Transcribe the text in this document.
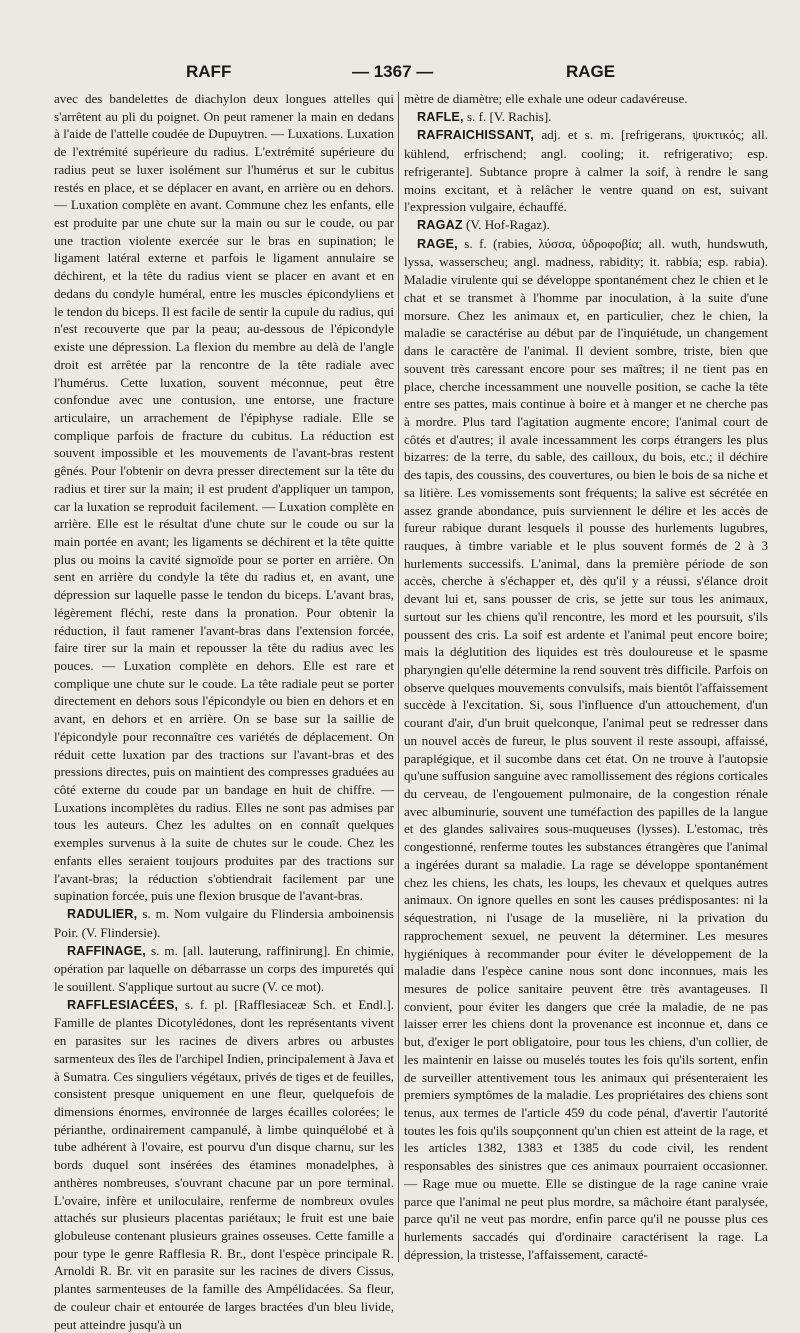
RAFF	— 1367 —	RAGE

avec des bandelettes de diachylon deux longues attelles qui s'arrêtent au pli du poignet. On peut ramener la main en dedans à l'aide de l'attelle coudée de Dupuytren. — Luxations. Luxation de l'extrémité supérieure du radius. L'extrémité supérieure du radius peut se luxer isolément sur l'humérus et sur le cubitus restés en place, et se déplacer en avant, en arrière ou en dehors. — Luxation complète en avant. Commune chez les enfants, elle est produite par une chute sur la main ou sur le coude, ou par une traction violente exercée sur le bras en supination; le ligament latéral externe et parfois le ligament annulaire se déchirent, et la tête du radius vient se placer en avant et en dedans du condyle huméral, entre les muscles épicondyliens et le tendon du biceps. Il est facile de sentir la cupule du radius, qui n'est recouverte que par la peau; au-dessous de l'épicondyle existe une dépression. La flexion du membre au delà de l'angle droit est arrêtée par la rencontre de la tête radiale avec l'humérus. Cette luxation, souvent méconnue, peut être confondue avec une contusion, une entorse, une fracture articulaire, un arrachement de l'épiphyse radiale. Elle se complique parfois de fracture du cubitus. La réduction est souvent impossible et les mouvements de l'avant-bras restent gênés. Pour l'obtenir on devra presser directement sur la tête du radius et tirer sur la main; il est prudent d'appliquer un tampon, car la luxation se reproduit facilement. — Luxation complète en arrière. Elle est le résultat d'une chute sur le coude ou sur la main portée en avant; les ligaments se déchirent et la tête quitte plus ou moins la cavité sigmoïde pour se porter en arrière. On sent en arrière du condyle la tête du radius et, en avant, une dépression sur laquelle passe le tendon du biceps. L'avant bras, légèrement fléchi, reste dans la pronation. Pour obtenir la réduction, il faut ramener l'avant-bras dans l'extension forcée, faire tirer sur la main et repousser la tête du radius avec les pouces. — Luxation complète en dehors. Elle est rare et complique une chute sur le coude. La tête radiale peut se porter directement en dehors sous l'épicondyle ou bien en dehors et en avant, en dehors et en arrière. On se base sur la saillie de l'épicondyle pour reconnaître ces variétés de déplacement. On réduit cette luxation par des tractions sur l'avant-bras et des pressions directes, puis on maintient des compresses graduées au côté externe du coude par un bandage en huit de chiffre. — Luxations incomplètes du radius. Elles ne sont pas admises par tous les auteurs. Chez les adultes on en connaît quelques exemples survenus à la suite de chutes sur le coude. Chez les enfants elles seraient toujours produites par des tractions sur l'avant-bras; la réduction s'obtiendrait facilement par une supination forcée, puis une flexion brusque de l'avant-bras.

RADULIER, s. m. Nom vulgaire du Flindersia amboinensis Poir. (V. Flindersie).

RAFFINAGE, s. m. [all. lauterung, raffinirung]. En chimie, opération par laquelle on débarrasse un corps des impuretés qui le souillent. S'applique surtout au sucre (V. ce mot).

RAFFLESIACÉES, s. f. pl. [Rafflesiaceæ Sch. et Endl.]. Famille de plantes Dicotylédones, dont les représentants vivent en parasites sur les racines de divers arbres ou arbustes sarmenteux des îles de l'archipel Indien, principalement à Java et à Sumatra. Ces singuliers végétaux, privés de tiges et de feuilles, consistent presque uniquement en une fleur, quelquefois de dimensions énormes, environnée de larges écailles colorées; le périanthe, ordinairement campanulé, à limbe quinquélobé et à tube adhérent à l'ovaire, est pourvu d'un disque charnu, sur les bords duquel sont insérées des étamines monadelphes, à anthères nombreuses, s'ouvrant chacune par un pore terminal. L'ovaire, infère et uniloculaire, renferme de nombreux ovules attachés sur plusieurs placentas pariétaux; le fruit est une baie globuleuse contenant plusieurs graines osseuses. Cette famille a pour type le genre Rafflesia R. Br., dont l'espèce principale R. Arnoldi R. Br. vit en parasite sur les racines de divers Cissus, plantes sarmenteuses de la famille des Ampélidacées. Sa fleur, de couleur chair et entourée de larges bractées d'un bleu livide, peut atteindre jusqu'à un

mètre de diamètre; elle exhale une odeur cadavéreuse.

RAFLE, s. f. [V. Rachis].

RAFRAICHISSANT, adj. et s. m. [refrigerans, ψυκτικός; all. kühlend, erfrischend; angl. cooling; it. refrigerativo; esp. refrigerante]. Subtance propre à calmer la soif, à rendre le sang moins excitant, et à relâcher le ventre quand on est, suivant l'expression vulgaire, échauffé.

RAGAZ (V. Hof-Ragaz).

RAGE, s. f. (rabies, λύσσα, ὑδροφοβία; all. wuth, hundswuth, lyssa, wasserscheu; angl. madness, rabidity; it. rabbia; esp. rabia). Maladie virulente qui se développe spontanément chez le chien et le chat et se transmet à l'homme par inoculation, à la suite d'une morsure. Chez les animaux et, en particulier, chez le chien, la maladie se caractérise au début par de l'inquiétude, un changement dans le caractère de l'animal. Il devient sombre, triste, bien que souvent très caressant encore pour ses maîtres; il ne tient pas en place, cherche incessamment une nouvelle position, se cache la tête entre ses pattes, mais continue à boire et à manger et ne cherche pas à mordre. Plus tard l'agitation augmente encore; l'animal court de côtés et d'autres; il avale incessamment les corps étrangers les plus bizarres: de la terre, du sable, des cailloux, du bois, etc.; il déchire des tapis, des coussins, des couvertures, ou bien le bois de sa niche et sa litière. Les vomissements sont fréquents; la salive est sécrétée en assez grande abondance, puis surviennent le délire et les accès de fureur rabique durant lesquels il pousse des hurlements lugubres, rauques, à timbre variable et le plus souvent formés de 2 à 3 hurlements successifs. L'animal, dans la première période de son accès, cherche à s'échapper et, dès qu'il y a réussi, s'élance droit devant lui et, sans pousser de cris, se jette sur tous les animaux, surtout sur les chiens qu'il rencontre, les mord et les poursuit, s'ils poussent des cris. La soif est ardente et l'animal peut encore boire; mais la déglutition des liquides est très douloureuse et le spasme pharyngien qu'elle détermine la rend souvent très difficile. Parfois on observe quelques mouvements convulsifs, mais bientôt l'affaissement succède à l'excitation. Si, sous l'influence d'un attouchement, d'un courant d'air, d'un bruit quelconque, l'animal peut se redresser dans un nouvel accès de fureur, le plus souvent il reste assoupi, affaissé, paraplégique, et il sucombe dans cet état. On ne trouve à l'autopsie qu'une suffusion sanguine avec ramollissement des régions corticales du cerveau, de l'engouement pulmonaire, de la congestion rénale avec albuminurie, souvent une tuméfaction des papilles de la langue et des glandes salivaires sous-muqueuses (lysses). L'estomac, très congestionné, renferme toutes les substances étrangères que l'animal a ingérées durant sa maladie. La rage se développe spontanément chez les chiens, les chats, les loups, les chevaux et quelques autres animaux. On ignore quelles en sont les causes prédisposantes: ni la séquestration, ni l'usage de la muselière, ni la privation du rapprochement sexuel, ne peuvent la déterminer. Les mesures hygiéniques à recommander pour éviter le développement de la maladie dans l'espèce canine nous sont donc inconnues, mais les mesures de police sanitaire peuvent être très avantageuses. Il convient, pour éviter les dangers que crée la maladie, de ne pas laisser errer les chiens dont la provenance est inconnue et, dans ce but, d'exiger le port obligatoire, pour tous les chiens, d'un collier, de les maintenir en laisse ou muselés toutes les fois qu'ils sortent, enfin de surveiller attentivement tous les animaux qui présenteraient les premiers symptômes de la maladie. Les propriétaires des chiens sont tenus, aux termes de l'article 459 du code pénal, d'avertir l'autorité toutes les fois qu'ils soupçonnent qu'un chien est atteint de la rage, et les articles 1382, 1383 et 1385 du code civil, les rendent responsables des sinistres que ces animaux pourraient occasionner. — Rage mue ou muette. Elle se distingue de la rage canine vraie parce que l'animal ne peut plus mordre, sa mâchoire étant paralysée, parce qu'il ne veut pas mordre, enfin parce qu'il ne pousse plus ces hurlements saccadés qui d'ordinaire caractérisent la rage. La dépression, la tristesse, l'affaissement, caracté-
